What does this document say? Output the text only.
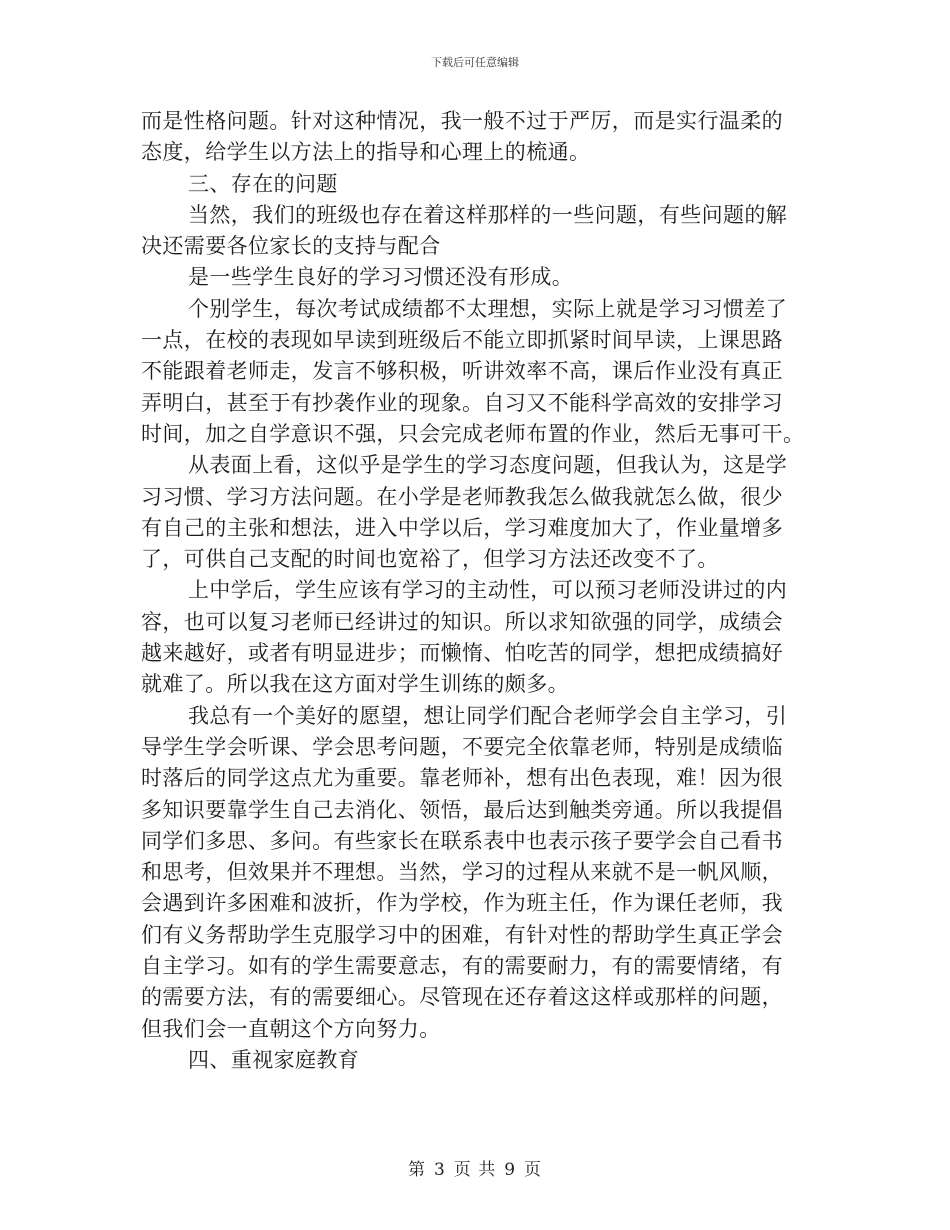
下载后可任意编辑
而是性格问题。针对这种情况，我一般不过于严厉，而是实行温柔的
态度，给学生以方法上的指导和心理上的梳通。
三、存在的问题
当然，我们的班级也存在着这样那样的一些问题，有些问题的解
决还需要各位家长的支持与配合
是一些学生良好的学习习惯还没有形成。
个别学生，每次考试成绩都不太理想，实际上就是学习习惯差了
一点，在校的表现如早读到班级后不能立即抓紧时间早读，上课思路
不能跟着老师走，发言不够积极，听讲效率不高，课后作业没有真正
弄明白，甚至于有抄袭作业的现象。自习又不能科学高效的安排学习
时间，加之自学意识不强，只会完成老师布置的作业，然后无事可干。
从表面上看，这似乎是学生的学习态度问题，但我认为，这是学
习习惯、学习方法问题。在小学是老师教我怎么做我就怎么做，很少
有自己的主张和想法，进入中学以后，学习难度加大了，作业量增多
了，可供自己支配的时间也宽裕了，但学习方法还改变不了。
上中学后，学生应该有学习的主动性，可以预习老师没讲过的内
容，也可以复习老师已经讲过的知识。所以求知欲强的同学，成绩会
越来越好，或者有明显进步；而懒惰、怕吃苦的同学，想把成绩搞好
就难了。所以我在这方面对学生训练的颇多。
我总有一个美好的愿望，想让同学们配合老师学会自主学习，引
导学生学会听课、学会思考问题，不要完全依靠老师，特别是成绩临
时落后的同学这点尤为重要。靠老师补，想有出色表现，难！因为很
多知识要靠学生自己去消化、领悟，最后达到触类旁通。所以我提倡
同学们多思、多问。有些家长在联系表中也表示孩子要学会自己看书
和思考，但效果并不理想。当然，学习的过程从来就不是一帆风顺，
会遇到许多困难和波折，作为学校，作为班主任，作为课任老师，我
们有义务帮助学生克服学习中的困难，有针对性的帮助学生真正学会
自主学习。如有的学生需要意志，有的需要耐力，有的需要情绪，有
的需要方法，有的需要细心。尽管现在还存着这这样或那样的问题，
但我们会一直朝这个方向努力。
四、重视家庭教育
第 3 页 共 9 页
